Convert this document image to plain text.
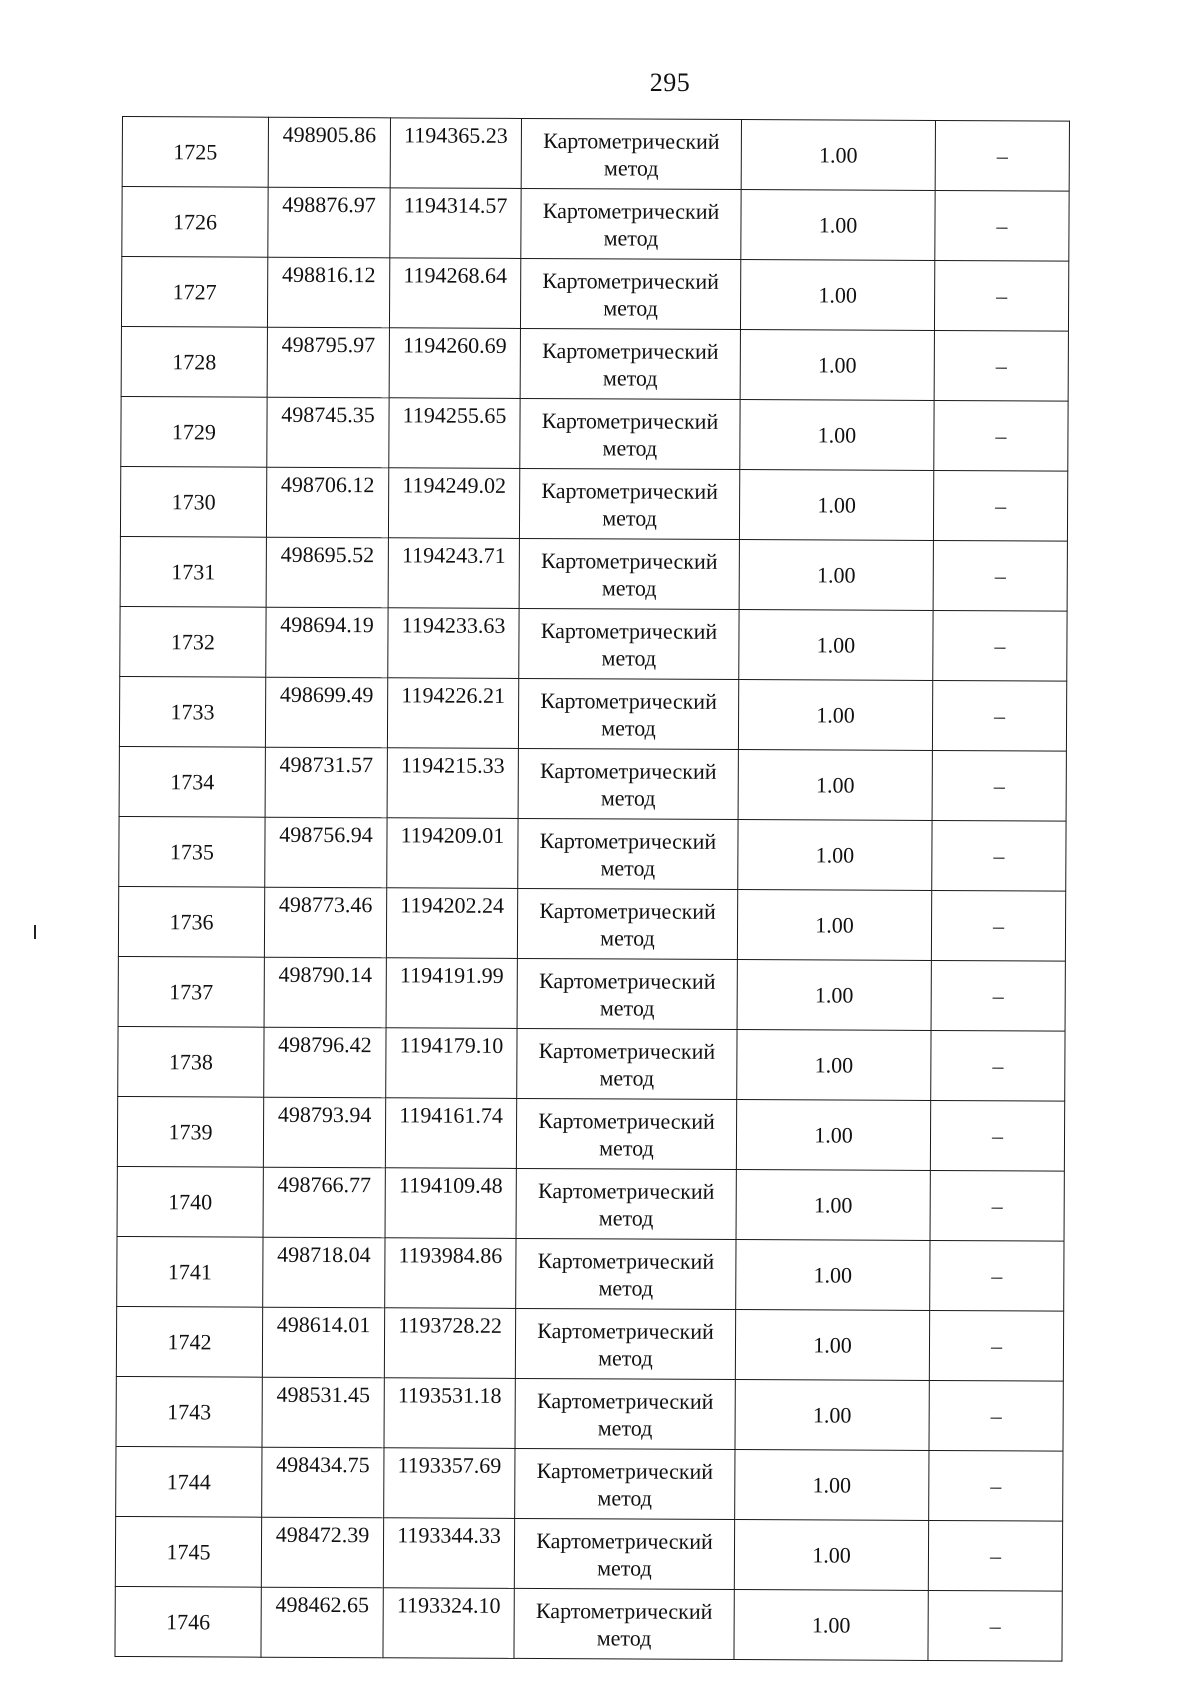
295
1725	498905.86	1194365.23	Картометрический метод	1.00	–
1726	498876.97	1194314.57	Картометрический метод	1.00	–
1727	498816.12	1194268.64	Картометрический метод	1.00	–
1728	498795.97	1194260.69	Картометрический метод	1.00	–
1729	498745.35	1194255.65	Картометрический метод	1.00	–
1730	498706.12	1194249.02	Картометрический метод	1.00	–
1731	498695.52	1194243.71	Картометрический метод	1.00	–
1732	498694.19	1194233.63	Картометрический метод	1.00	–
1733	498699.49	1194226.21	Картометрический метод	1.00	–
1734	498731.57	1194215.33	Картометрический метод	1.00	–
1735	498756.94	1194209.01	Картометрический метод	1.00	–
1736	498773.46	1194202.24	Картометрический метод	1.00	–
1737	498790.14	1194191.99	Картометрический метод	1.00	–
1738	498796.42	1194179.10	Картометрический метод	1.00	–
1739	498793.94	1194161.74	Картометрический метод	1.00	–
1740	498766.77	1194109.48	Картометрический метод	1.00	–
1741	498718.04	1193984.86	Картометрический метод	1.00	–
1742	498614.01	1193728.22	Картометрический метод	1.00	–
1743	498531.45	1193531.18	Картометрический метод	1.00	–
1744	498434.75	1193357.69	Картометрический метод	1.00	–
1745	498472.39	1193344.33	Картометрический метод	1.00	–
1746	498462.65	1193324.10	Картометрический метод	1.00	–
